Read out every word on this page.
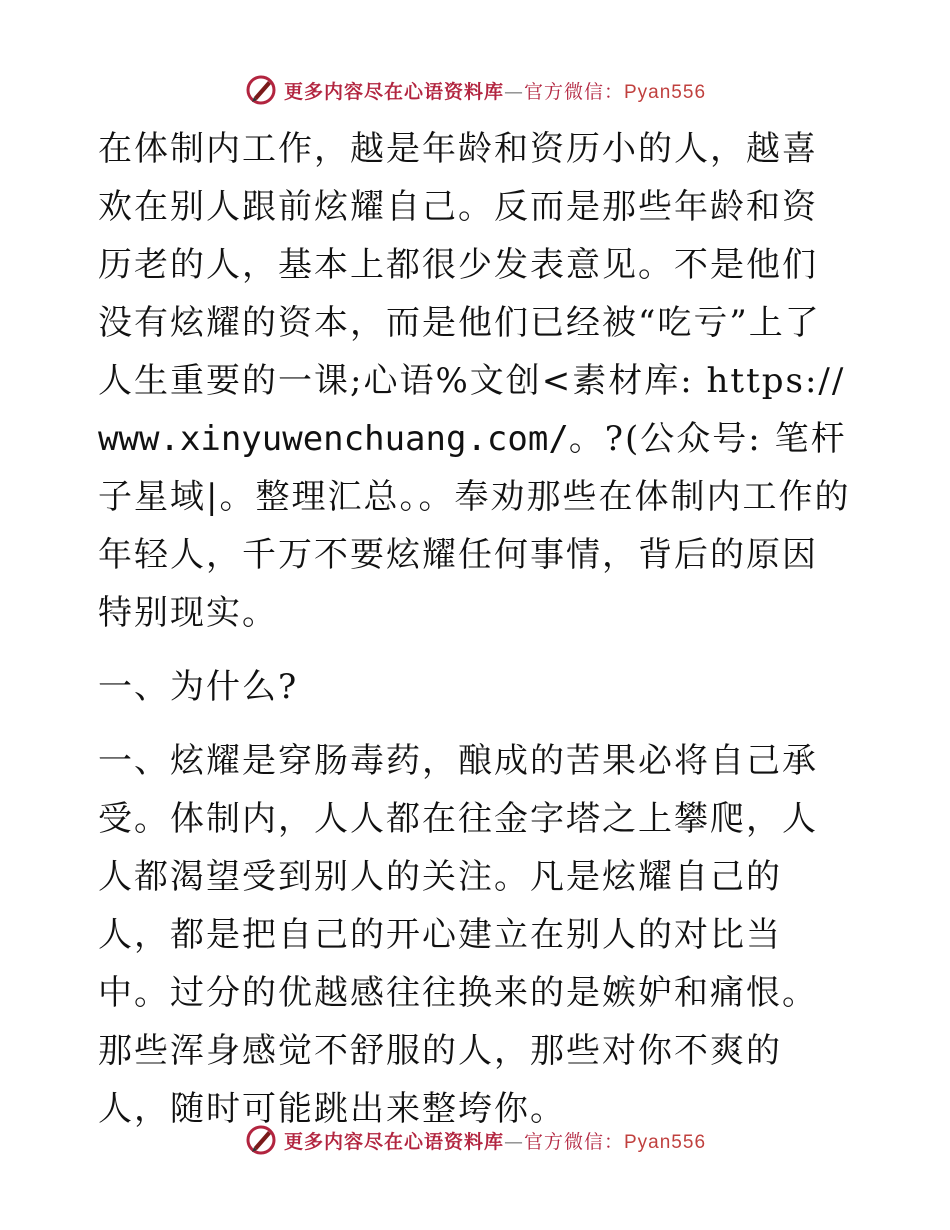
更多内容尽在心语资料库—官方微信：Pyan556

在体制内工作，越是年龄和资历小的人，越喜欢在别人跟前炫耀自己。反而是那些年龄和资历老的人，基本上都很少发表意见。不是他们没有炫耀的资本，而是他们已经被“吃亏”上了人生重要的一课;心语%文创<素材库: https://www.xinyuwenchuang.com/。?(公众号: 笔杆子星域|。整理汇总。。奉劝那些在体制内工作的年轻人，千万不要炫耀任何事情，背后的原因特别现实。

一、为什么?

一、炫耀是穿肠毒药，酿成的苦果必将自己承受。体制内，人人都在往金字塔之上攀爬，人人都渴望受到别人的关注。凡是炫耀自己的人，都是把自己的开心建立在别人的对比当中。过分的优越感往往换来的是嫉妒和痛恨。那些浑身感觉不舒服的人，那些对你不爽的人，随时可能跳出来整垮你。

更多内容尽在心语资料库—官方微信：Pyan556
